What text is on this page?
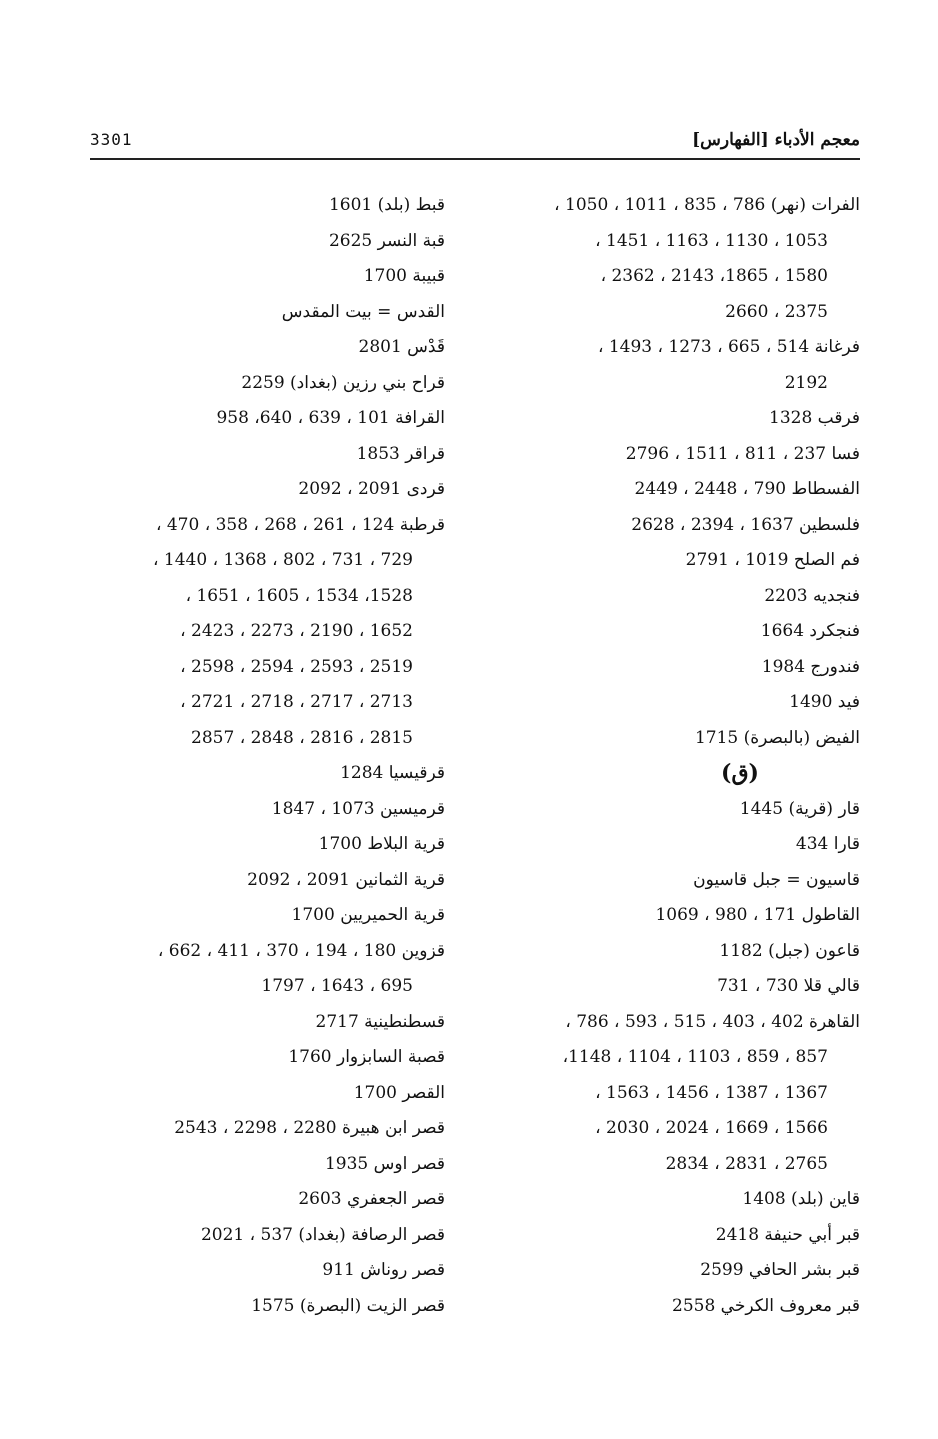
معجم الأدباء [الفهارس]
3301
الفرات (نهر) 786 ، 835 ، 1011 ، 1050 ،
1053 ، 1130 ، 1163 ، 1451 ،
1580 ، 1865، 2143 ، 2362 ،
2375 ، 2660
فرغانة 514 ، 665 ، 1273 ، 1493 ،
2192
فرقب 1328
فسا 237 ، 811 ، 1511 ، 2796
الفسطاط 790 ، 2448 ، 2449
فلسطين 1637 ، 2394 ، 2628
فم الصلح 1019 ، 2791
فنجديه 2203
فنجكرد 1664
فندورج 1984
فيد 1490
الفيض (بالبصرة) 1715
(ق)
قار (قرية) 1445
قارا 434
قاسيون = جبل قاسيون
القاطول 171 ، 980 ، 1069
قاعون (جبل) 1182
قالي قلا 730 ، 731
القاهرة 402 ، 403 ، 515 ، 593 ، 786 ،
857 ، 859 ، 1103 ، 1104 ، 1148،
1367 ، 1387 ، 1456 ، 1563 ،
1566 ، 1669 ، 2024 ، 2030 ،
2765 ، 2831 ، 2834
قاين (بلد) 1408
قبر أبي حنيفة 2418
قبر بشر الحافي 2599
قبر معروف الكرخي 2558
قبط (بلد) 1601
قبة النسر 2625
قبيبة 1700
القدس = بيت المقدس
قَدْس 2801
قراح بني رزين (بغداد) 2259
القرافة 101 ، 639 ، 640، 958
قراقر 1853
قردى 2091 ، 2092
قرطبة 124 ، 261 ، 268 ، 358 ، 470 ،
729 ، 731 ، 802 ، 1368 ، 1440 ،
1528، 1534 ، 1605 ، 1651 ،
1652 ، 2190 ، 2273 ، 2423 ،
2519 ، 2593 ، 2594 ، 2598 ،
2713 ، 2717 ، 2718 ، 2721 ،
2815 ، 2816 ، 2848 ، 2857
قرقيسيا 1284
قرميسين 1073 ، 1847
قرية البلاط 1700
قرية الثمانين 2091 ، 2092
قرية الحميريين 1700
قزوين 180 ، 194 ، 370 ، 411 ، 662 ،
695 ، 1643 ، 1797
قسطنطينية 2717
قصبة السابزوار 1760
القصر 1700
قصر ابن هبيرة 2280 ، 2298 ، 2543
قصر اوس 1935
قصر الجعفري 2603
قصر الرصافة (بغداد) 537 ، 2021
قصر روناش 911
قصر الزيت (البصرة) 1575
